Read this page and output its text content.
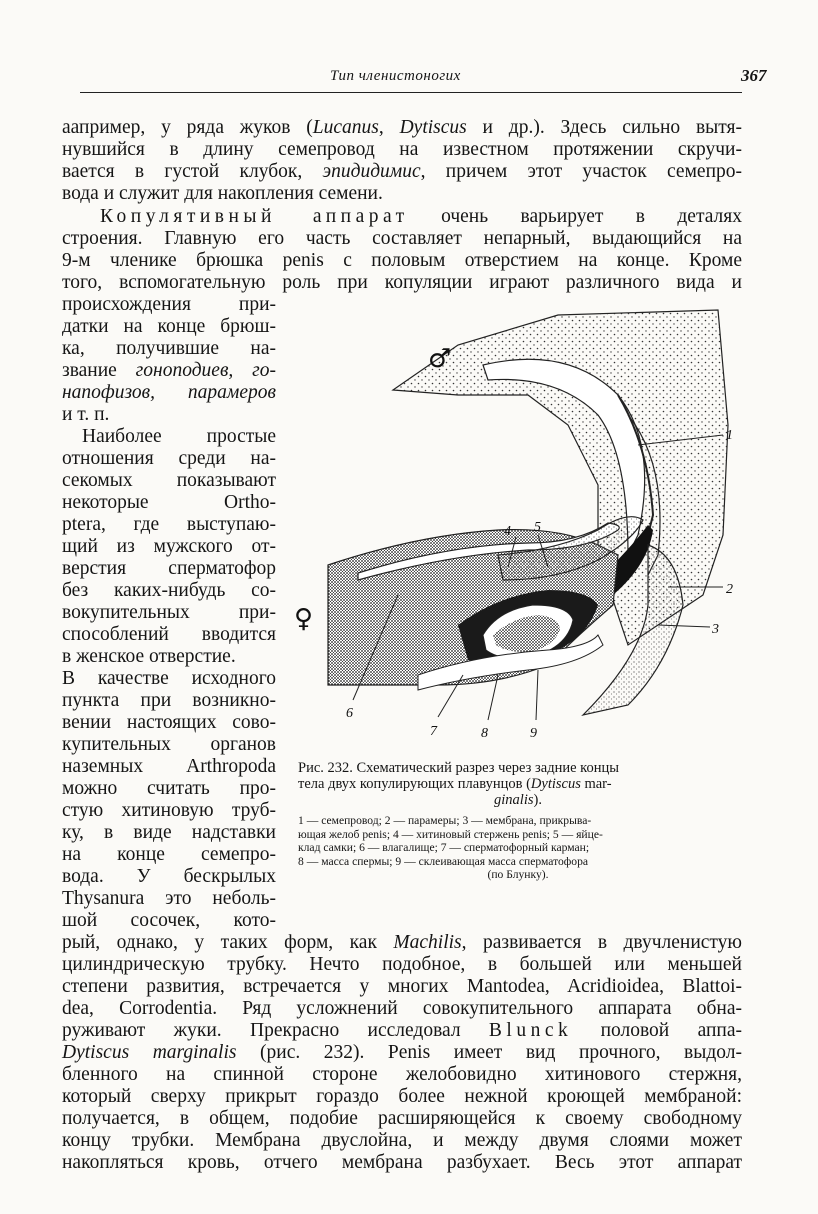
Тип членистоногих	367
аапример, у ряда жуков (Lucanus, Dytiscus и др.). Здесь сильно вытя-
нувшийся в длину семепровод на известном протяжении скручи-
вается в густой клубок, эпидидимис, причем этот участок семепро-
вода и служит для накопления семени.
Копулятивный аппарат очень варьирует в деталях
строения. Главную его часть составляет непарный, выдающийся на
9-м членике брюшка penis с половым отверстием на конце. Кроме
того, вспомогательную роль при копуляции играют различного вида и
происхождения при-
датки на конце брюш-
ка, получившие на-
звание гоноподиев, го-
напофизов, парамеров
и т. п.
Наиболее простые
отношения среди на-
секомых показывают
некоторые Ortho-
ptera, где выступаю-
щий из мужского от-
верстия сперматофор
без каких-нибудь со-
вокупительных при-
способлений вводится
в женское отверстие.
В качестве исходного
пункта при возникно-
вении настоящих сово-
купительных органов
наземных Arthropoda
можно считать про-
стую хитиновую труб-
ку, в виде надставки
на конце семепро-
вода. У бескрылых
Thysanura это неболь-
шой сосочек, кото-
1
2
3
4 5
6
7	8	9
♂
♀
Рис. 232. Схематический разрез через задние концы
тела двух копулирующих плавунцов (Dytiscus mar-
ginalis).
1 — семепровод; 2 — парамеры; 3 — мембрана, прикрыва-
ющая желоб penis; 4 — хитиновый стержень penis; 5 — яйце-
клад самки; 6 — влагалище; 7 — сперматофорный карман;
8 — масса спермы; 9 — склеивающая масса сперматофора
(по Блунку).
рый, однако, у таких форм, как Machilis, развивается в двучленистую
цилиндрическую трубку. Нечто подобное, в большей или меньшей
степени развития, встречается у многих Mantodea, Acridioidea, Blattoi-
dea, Corrodentia. Ряд усложнений совокупительного аппарата обна-
руживают жуки. Прекрасно исследовал Blunck половой аппа-
Dytiscus marginalis (рис. 232). Penis имеет вид прочного, выдол-
бленного на спинной стороне желобовидно хитинового стержня,
который сверху прикрыт гораздо более нежной кроющей мембраной:
получается, в общем, подобие расширяющейся к своему свободному
концу трубки. Мембрана двуслойна, и между двумя слоями может
накопляться кровь, отчего мембрана разбухает. Весь этот аппарат
